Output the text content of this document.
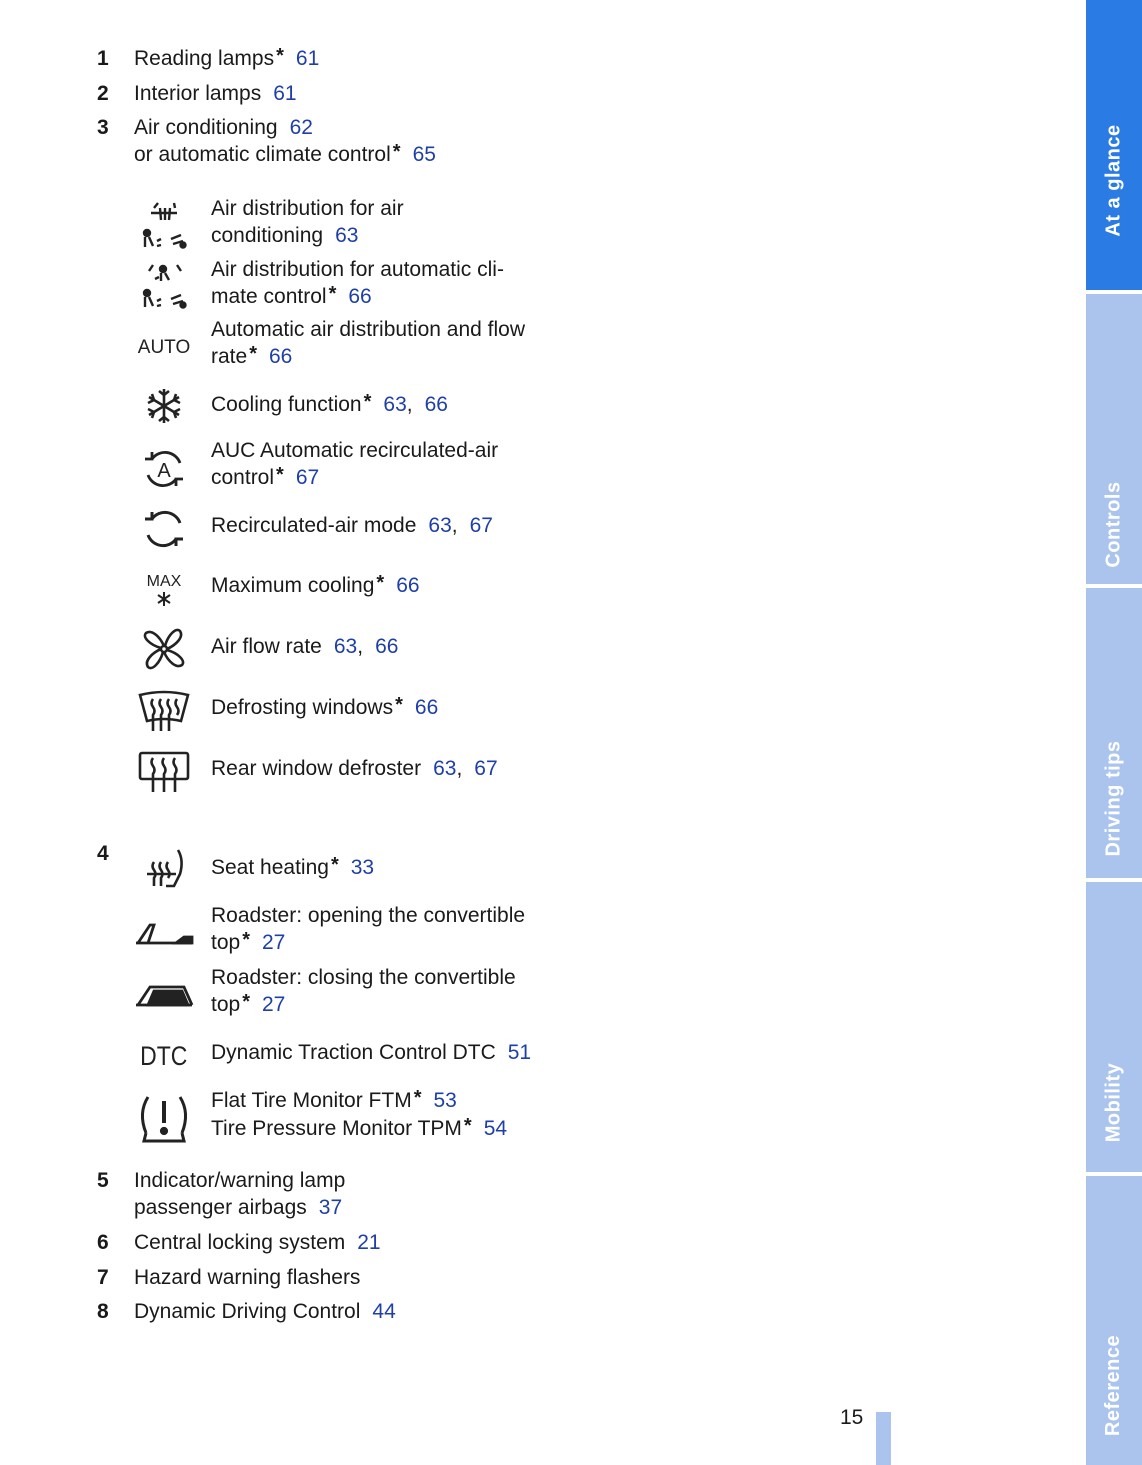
1 Reading lamps * 61
2 Interior lamps 61
3 Air conditioning 62
or automatic climate control * 65
Air distribution for air
conditioning 63
Air distribution for automatic cli-
mate control * 66
AUTO
Automatic air distribution and flow
rate * 66
Cooling function * 63, 66
A
AUC Automatic recirculated-air
control * 67
Recirculated-air mode 63, 67
MAX Maximum cooling * 66
Air flow rate 63, 66
Defrosting windows * 66
Rear window defroster 63, 67
4
Seat heating * 33
Roadster: opening the convertible
top * 27
Roadster: closing the convertible
top * 27
DTC Dynamic Traction Control DTC 51
Flat Tire Monitor FTM * 53
Tire Pressure Monitor TPM * 54
5 Indicator/warning lamp
passenger airbags 37
6 Central locking system 21
7 Hazard warning flashers
8 Dynamic Driving Control 44
15
At a glance
Controls
Driving tips
Mobility
Reference
